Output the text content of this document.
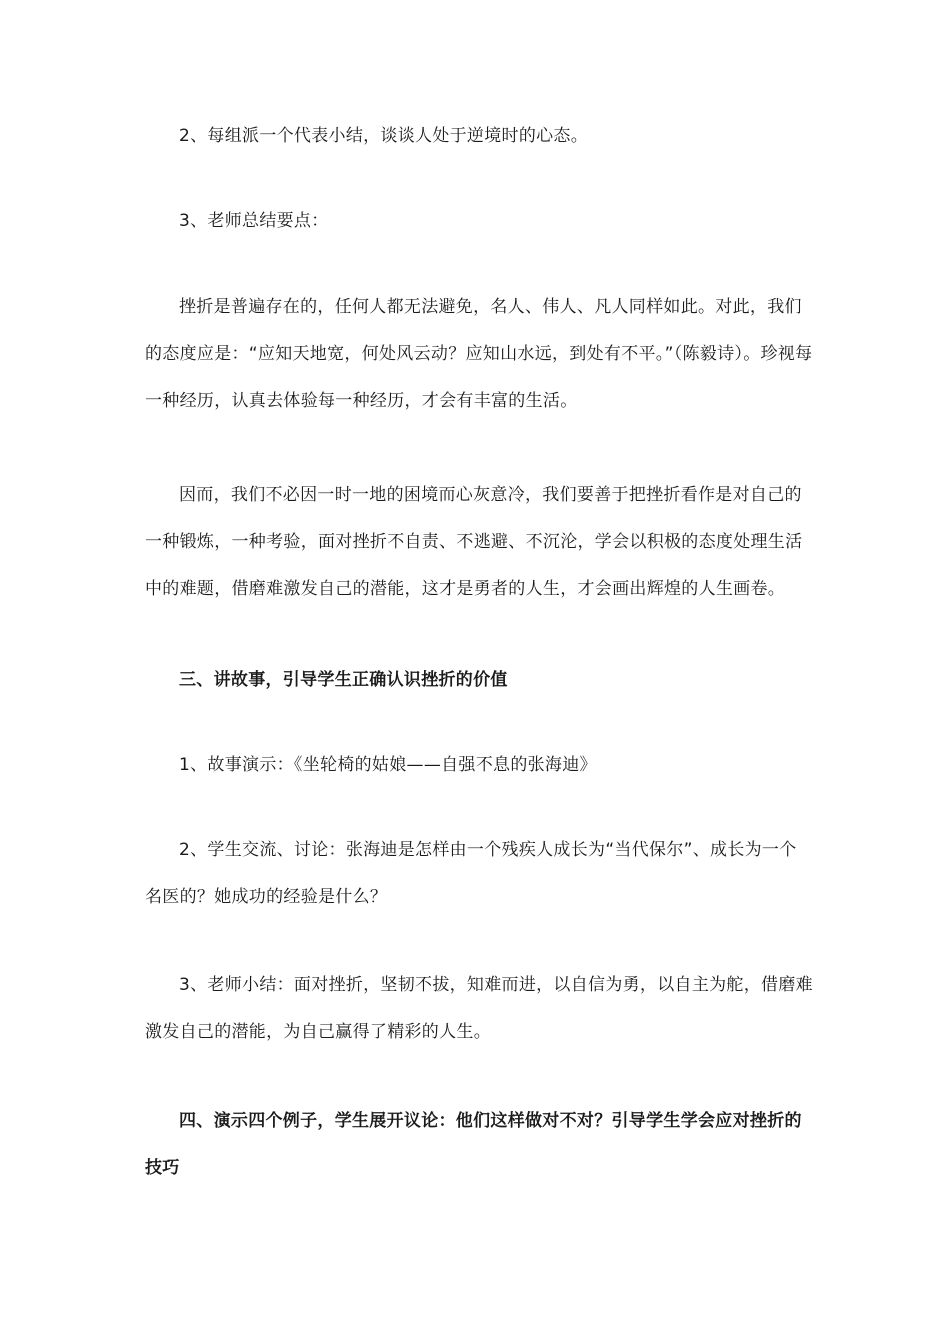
2、每组派一个代表小结，谈谈人处于逆境时的心态。

3、老师总结要点：

挫折是普遍存在的，任何人都无法避免，名人、伟人、凡人同样如此。对此，我们的态度应是：“应知天地宽，何处风云动？应知山水远，到处有不平。”（陈毅诗）。珍视每一种经历，认真去体验每一种经历，才会有丰富的生活。

因而，我们不必因一时一地的困境而心灰意冷，我们要善于把挫折看作是对自己的一种锻炼，一种考验，面对挫折不自责、不逃避、不沉沦，学会以积极的态度处理生活中的难题，借磨难激发自己的潜能，这才是勇者的人生，才会画出辉煌的人生画卷。

三、讲故事，引导学生正确认识挫折的价值

1、故事演示：《坐轮椅的姑娘——自强不息的张海迪》

2、学生交流、讨论：张海迪是怎样由一个残疾人成长为“当代保尔”、成长为一个名医的？她成功的经验是什么？

3、老师小结：面对挫折，坚韧不拔，知难而进，以自信为勇，以自主为舵，借磨难激发自己的潜能，为自己赢得了精彩的人生。

四、演示四个例子，学生展开议论：他们这样做对不对？引导学生学会应对挫折的技巧
